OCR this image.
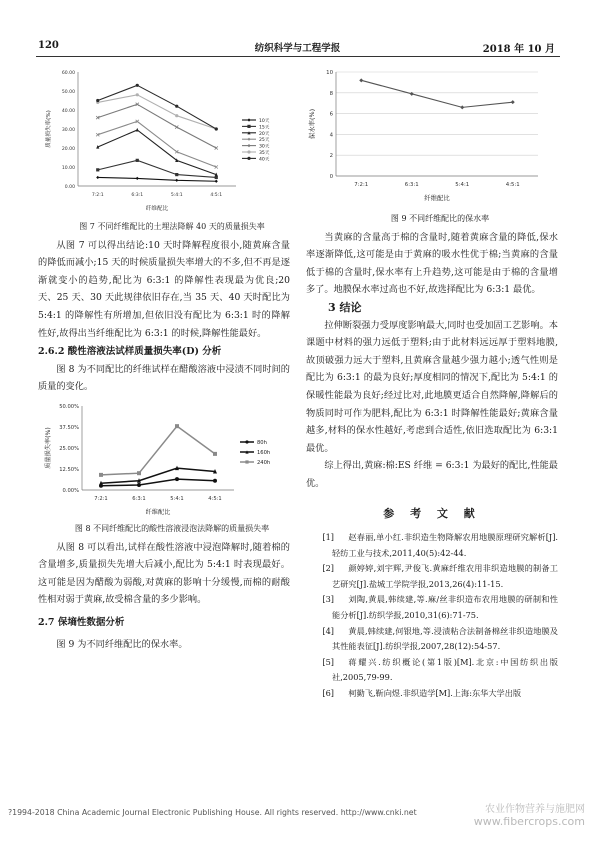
120	纺织科学与工程学报	2018 年 10 月
0.00
10.00
20.00
30.00
40.00
50.00
60.00
7:2:1	6:3:1	5:4:1	4:5:1
纤维配比
质量损失率(%)	10天
15天
20天
25天
30天
35天
40天

图 7 不同纤维配比的土埋法降解 40 天的质量损失率

从图 7 可以得出结论:10 天时降解程度很小,随黄麻含量的降低而减小;15 天的时候质量损失率增大的不多,但不再是逐渐就变小的趋势,配比为 6:3:1 的降解性表现最为优良;20 天、25 天、30 天此规律依旧存在,当 35 天、40 天时配比为 5:4:1 的降解性有所增加,但依旧没有配比为 6:3:1 时的降解性好,故得出当纤维配比为 6:3:1 的时候,降解性能最好。

2.6.2 酸性溶液法试样质量损失率(D) 分析

图 8 为不同配比的纤维试样在醋酸溶液中浸渍不同时间的质量的变化。

0.00%
12.50%
25.00%
37.50%
50.00%
7:2:1	6:3:1	5:4:1	4:5:1
纤维配比
质量损失率(%)	80h
160h
240h

图 8 不同纤维配比的酸性溶液浸泡法降解的质量损失率

从图 8 可以看出,试样在酸性溶液中浸泡降解时,随着棉的含量增多,质量损失先增大后减小,配比为 5:4:1 时表现最好。这可能是因为醋酸为弱酸,对黄麻的影响十分缓慢,而棉的耐酸性相对弱于黄麻,故受棉含量的多少影响。

2.7 保墒性数据分析

图 9 为不同纤维配比的保水率。

0
2
4
6
8
10
7:2:1	6:3:1	5:4:1	4:5:1
纤维配比
保水率(%)

图 9 不同纤维配比的保水率

当黄麻的含量高于棉的含量时,随着黄麻含量的降低,保水率逐渐降低,这可能是由于黄麻的吸水性优于棉;当黄麻的含量低于棉的含量时,保水率有上升趋势,这可能是由于棉的含量增多了。地膜保水率过高也不好,故选择配比为 6:3:1 最优。

3 结论

拉伸断裂强力受厚度影响最大,同时也受加固工艺影响。本课题中材料的强力远低于塑料;由于此材料远远厚于塑料地膜,故顶破强力远大于塑料,且黄麻含量越少强力越小;透气性则是配比为 6:3:1 的最为良好;厚度相同的情况下,配比为 5:4:1 的保暖性能最为良好;经过比对,此地膜更适合自然降解,降解后的物质同时可作为肥料,配比为 6:3:1 时降解性能最好;黄麻含量越多,材料的保水性越好,考虑到合适性,依旧选取配比为 6:3:1 最优。

综上得出,黄麻:棉:ES 纤维 = 6:3:1 为最好的配比,性能最优。

参 考 文 献

[1] 赵春丽,单小红.非织造生物降解农用地膜原理研究解析[J].轻纺工业与技术,2011,40(5):42-44.

[2] 颜婷婷,刘宇辉,尹俊飞.黄麻纤维农用非织造地膜的制备工艺研究[J].盐城工学院学报,2013,26(4):11-15.

[3] 刘陶,黄晨,韩续建,等.麻/丝非织造布农用地膜的研制和性能分析[J].纺织学报,2010,31(6):71-75.

[4] 黄晨,韩续建,何银地,等.浸渍粘合法制备棉丝非织造地膜及其性能表征[J].纺织学报,2007,28(12):54-57.

[5] 蒋耀兴.纺织概论(第1版)[M].北京:中国纺织出版社,2005,79-99.

[6] 柯勤飞,靳向煜.非织造学[M].上海:东华大学出版

?1994-2018 China Academic Journal Electronic Publishing House. All rights reserved. http://www.cnki.net	农业作物营养与施肥网
www.fibercrops.com
